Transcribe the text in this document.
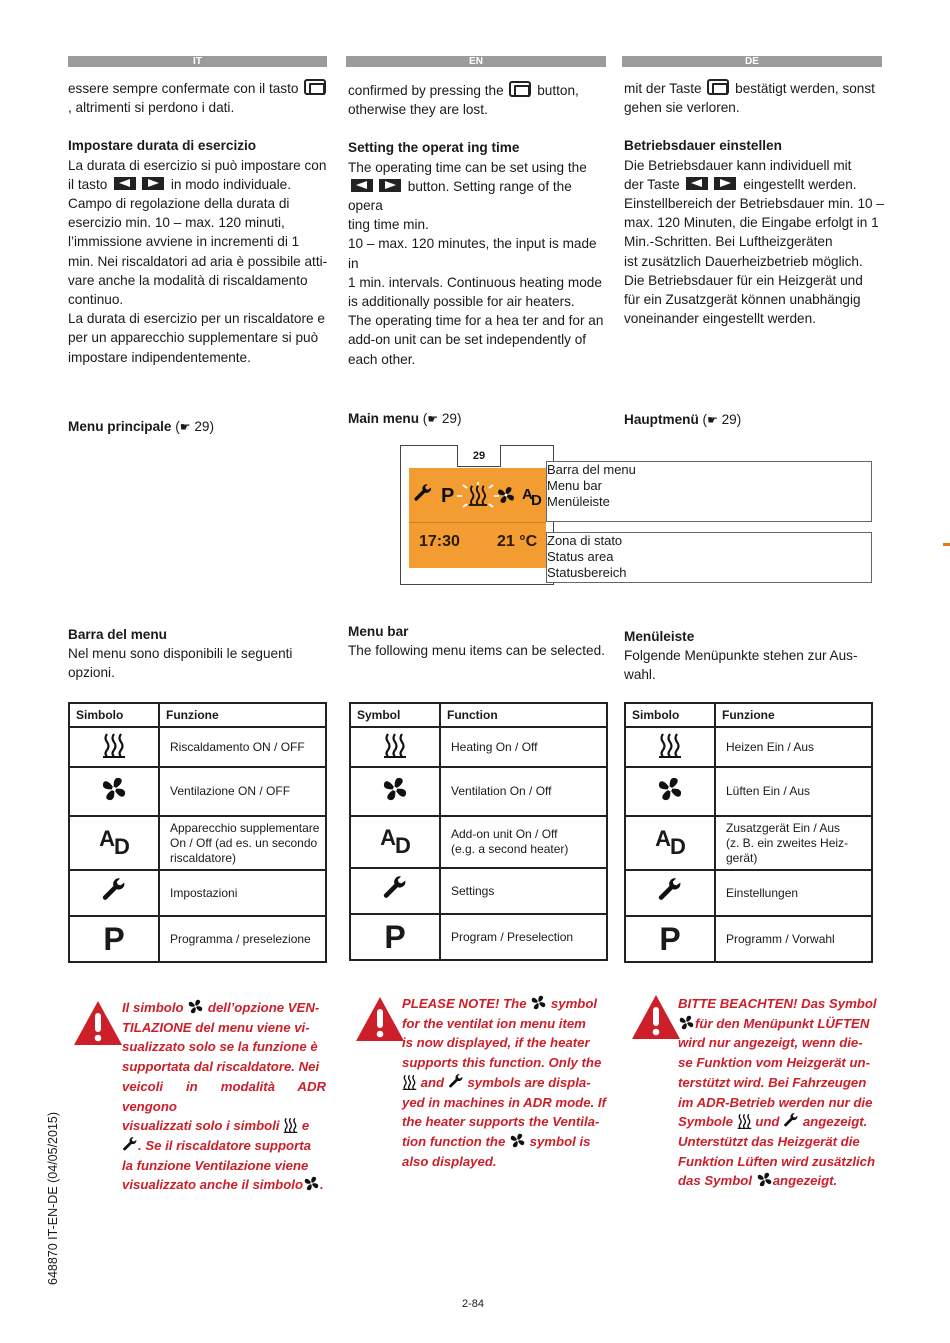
IT	EN	DE

essere sempre confermate con il tasto

, altrimenti si perdono i dati.

Impostare durata di esercizio

La durata di esercizio si può impostare con

il tasto	in modo individuale.

Campo di regolazione della durata di

esercizio min. 10 – max. 120 minuti,

l’immissione avviene in incrementi di 1

min. Nei riscaldatori ad aria è possibile atti-

vare anche la modalità di riscaldamento

continuo.

La durata di esercizio per un riscaldatore e

per un apparecchio supplementare si può

impostare indipendentemente.

confirmed by pressing the button,

otherwise they are lost.

Setting the operat ing time

The operating time can be set using the

button. Setting range of the opera

ting time min.

10 – max. 120 minutes, the input is made in

1 min. intervals. Continuous heating mode

is additionally possible for air heaters.

The operating time for a hea ter and for an

add-on unit can be set independently of

each other.

mit der Taste bestätigt werden, sonst

gehen sie verloren.

Betriebsdauer einstellen

Die Betriebsdauer kann individuell mit

der Taste	eingestellt werden.

Einstellbereich der Betriebsdauer min. 10 –

max. 120 Minuten, die Eingabe erfolgt in 1

Min.-Schritten. Bei Luftheizgeräten

ist zusätzlich Dauerheizbetrieb möglich.

Die Betriebsdauer für ein Heizgerät und

für ein Zusatzgerät können unabhängig

voneinander eingestellt werden.

Menu principale (☛ 29)
Main menu (☛ 29)	Hauptmenü (☛ 29)
29
P	A
D
17:30 21 °C
Barra del menu
Menu bar
Menüleiste
Zona di stato
Status area
Statusbereich

Barra del menu

Nel menu sono disponibili le seguenti

opzioni.

Menu bar

The following menu items can be selected.

Menüleiste

Folgende Menüpunkte stehen zur Aus-

wahl.

Simbolo	Funzione
	Riscaldamento ON / OFF
	Ventilazione ON / OFF
$A_D$	Apparecchio supplementare
On / Off (ad es. un secondo
riscaldatore)
	Impostazioni
P	Programma / preselezione
Symbol	Function
	Heating On / Off
	Ventilation On / Off
$A_D$	Add-on unit On / Off
(e.g. a second heater)
	Settings
P	Program / Preselection
Simbolo	Funzione
	Heizen Ein / Aus
	Lüften Ein / Aus
$A_D$	Zusatzgerät Ein / Aus
(z. B. ein zweites Heiz-
gerät)
	Einstellungen
P	Programm / Vorwahl
Il simbolo dell’opzione VEN-
TILAZIONE del menu viene vi-
sualizzato solo se la funzione è
supportata dal riscaldatore. Nei
veicoli in modalità ADR vengono
visualizzati solo i simboli e
. Se il riscaldatore supporta
la funzione Ventilazione viene
visualizzato anche il simbolo .
PLEASE NOTE! The symbol
for the ventilat ion menu item
is now displayed, if the heater
supports this function. Only the
and symbols are displa-
yed in machines in ADR mode. If
the heater supports the Ventila-
tion function the symbol is
also displayed.
BITTE BEACHTEN! Das Symbol
für den Menüpunkt LÜFTEN
wird nur angezeigt, wenn die-
se Funktion vom Heizgerät un-
terstützt wird. Bei Fahrzeugen
im ADR-Betrieb werden nur die
Symbole und angezeigt.
Unterstützt das Heizgerät die
Funktion Lüften wird zusätzlich
das Symbol angezeigt.
648870 IT-EN-DE (04/05/2015)
2-84
